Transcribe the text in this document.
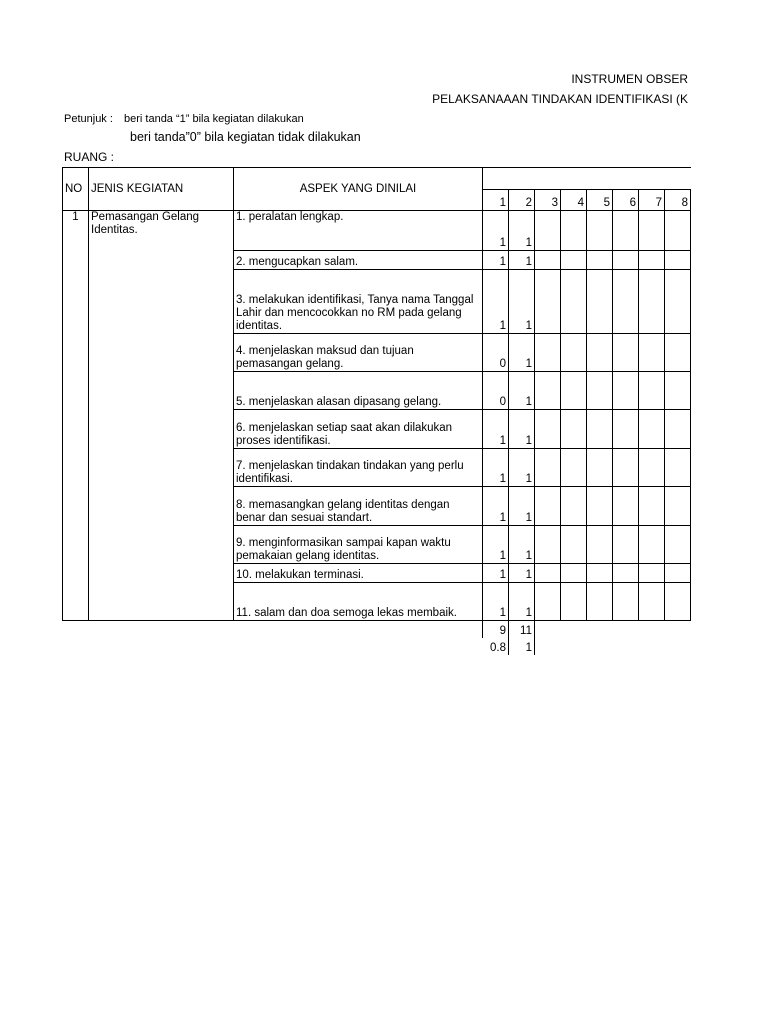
INSTRUMEN OBSER
PELAKSANAAAN TINDAKAN IDENTIFIKASI (K
Petunjuk : beri tanda “1” bila kegiatan dilakukan
beri tanda”0” bila kegiatan tidak dilakukan
RUANG :
NO	JENIS KEGIATAN	ASPEK YANG DINILAI								
			1	2	3	4	5	6	7	8
1	Pemasangan Gelang Identitas.	1. peralatan lengkap.	1	1						
		2. mengucapkan salam.	1	1						
		3. melakukan identifikasi, Tanya nama Tanggal Lahir dan mencocokkan no RM pada gelang identitas.	1	1						
		4. menjelaskan maksud dan tujuan pemasangan gelang.	0	1						
		5. menjelaskan alasan dipasang gelang.	0	1						
		6. menjelaskan setiap saat akan dilakukan proses identifikasi.	1	1						
		7. menjelaskan tindakan tindakan yang perlu identifikasi.	1	1						
		8. memasangkan gelang identitas dengan benar dan sesuai standart.	1	1						
		9. menginformasikan sampai kapan waktu pemakaian gelang identitas.	1	1						
		10. melakukan terminasi.	1	1						
		11. salam dan doa semoga lekas membaik.	1	1						
			9	11						
			0.8	1						
